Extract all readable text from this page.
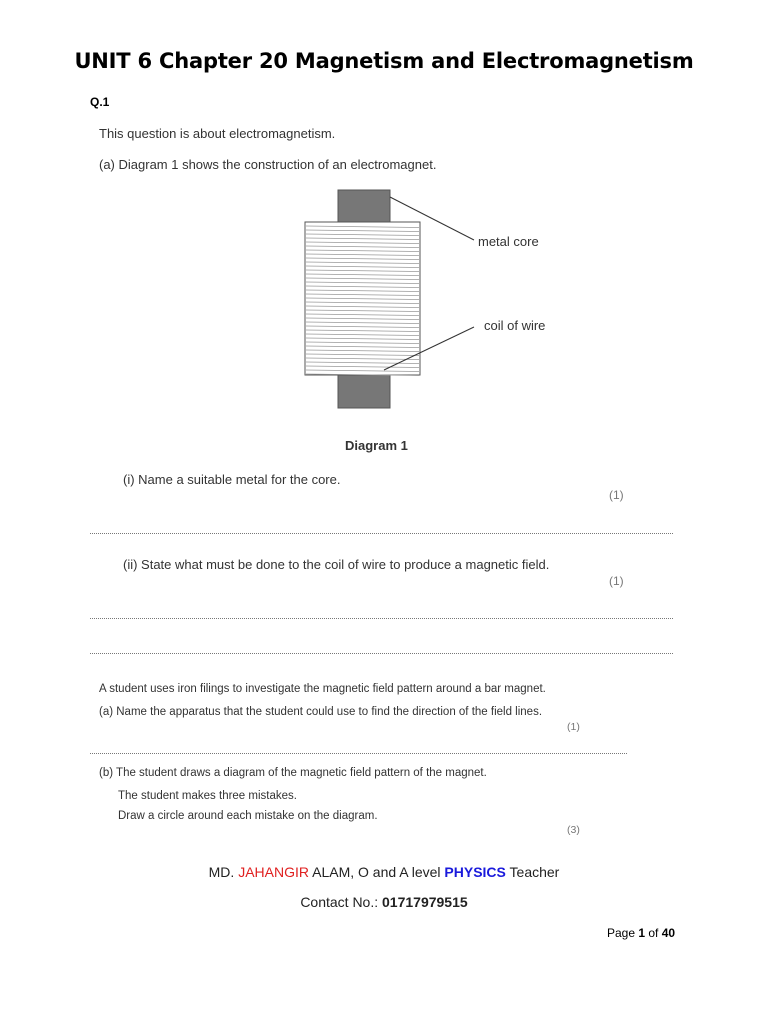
UNIT 6 Chapter 20 Magnetism and Electromagnetism
Q.1
This question is about electromagnetism.
(a) Diagram 1 shows the construction of an electromagnet.
metal core
coil of wire
Diagram 1
(i) Name a suitable metal for the core.
(1)
(ii) State what must be done to the coil of wire to produce a magnetic field.
(1)
A student uses iron filings to investigate the magnetic field pattern around a bar magnet.
(a) Name the apparatus that the student could use to find the direction of the field lines.
(1)
(b) The student draws a diagram of the magnetic field pattern of the magnet.
The student makes three mistakes.
Draw a circle around each mistake on the diagram.
(3)
MD. JAHANGIR ALAM, O and A level PHYSICS Teacher
Contact No.: 01717979515
Page 1 of 40
